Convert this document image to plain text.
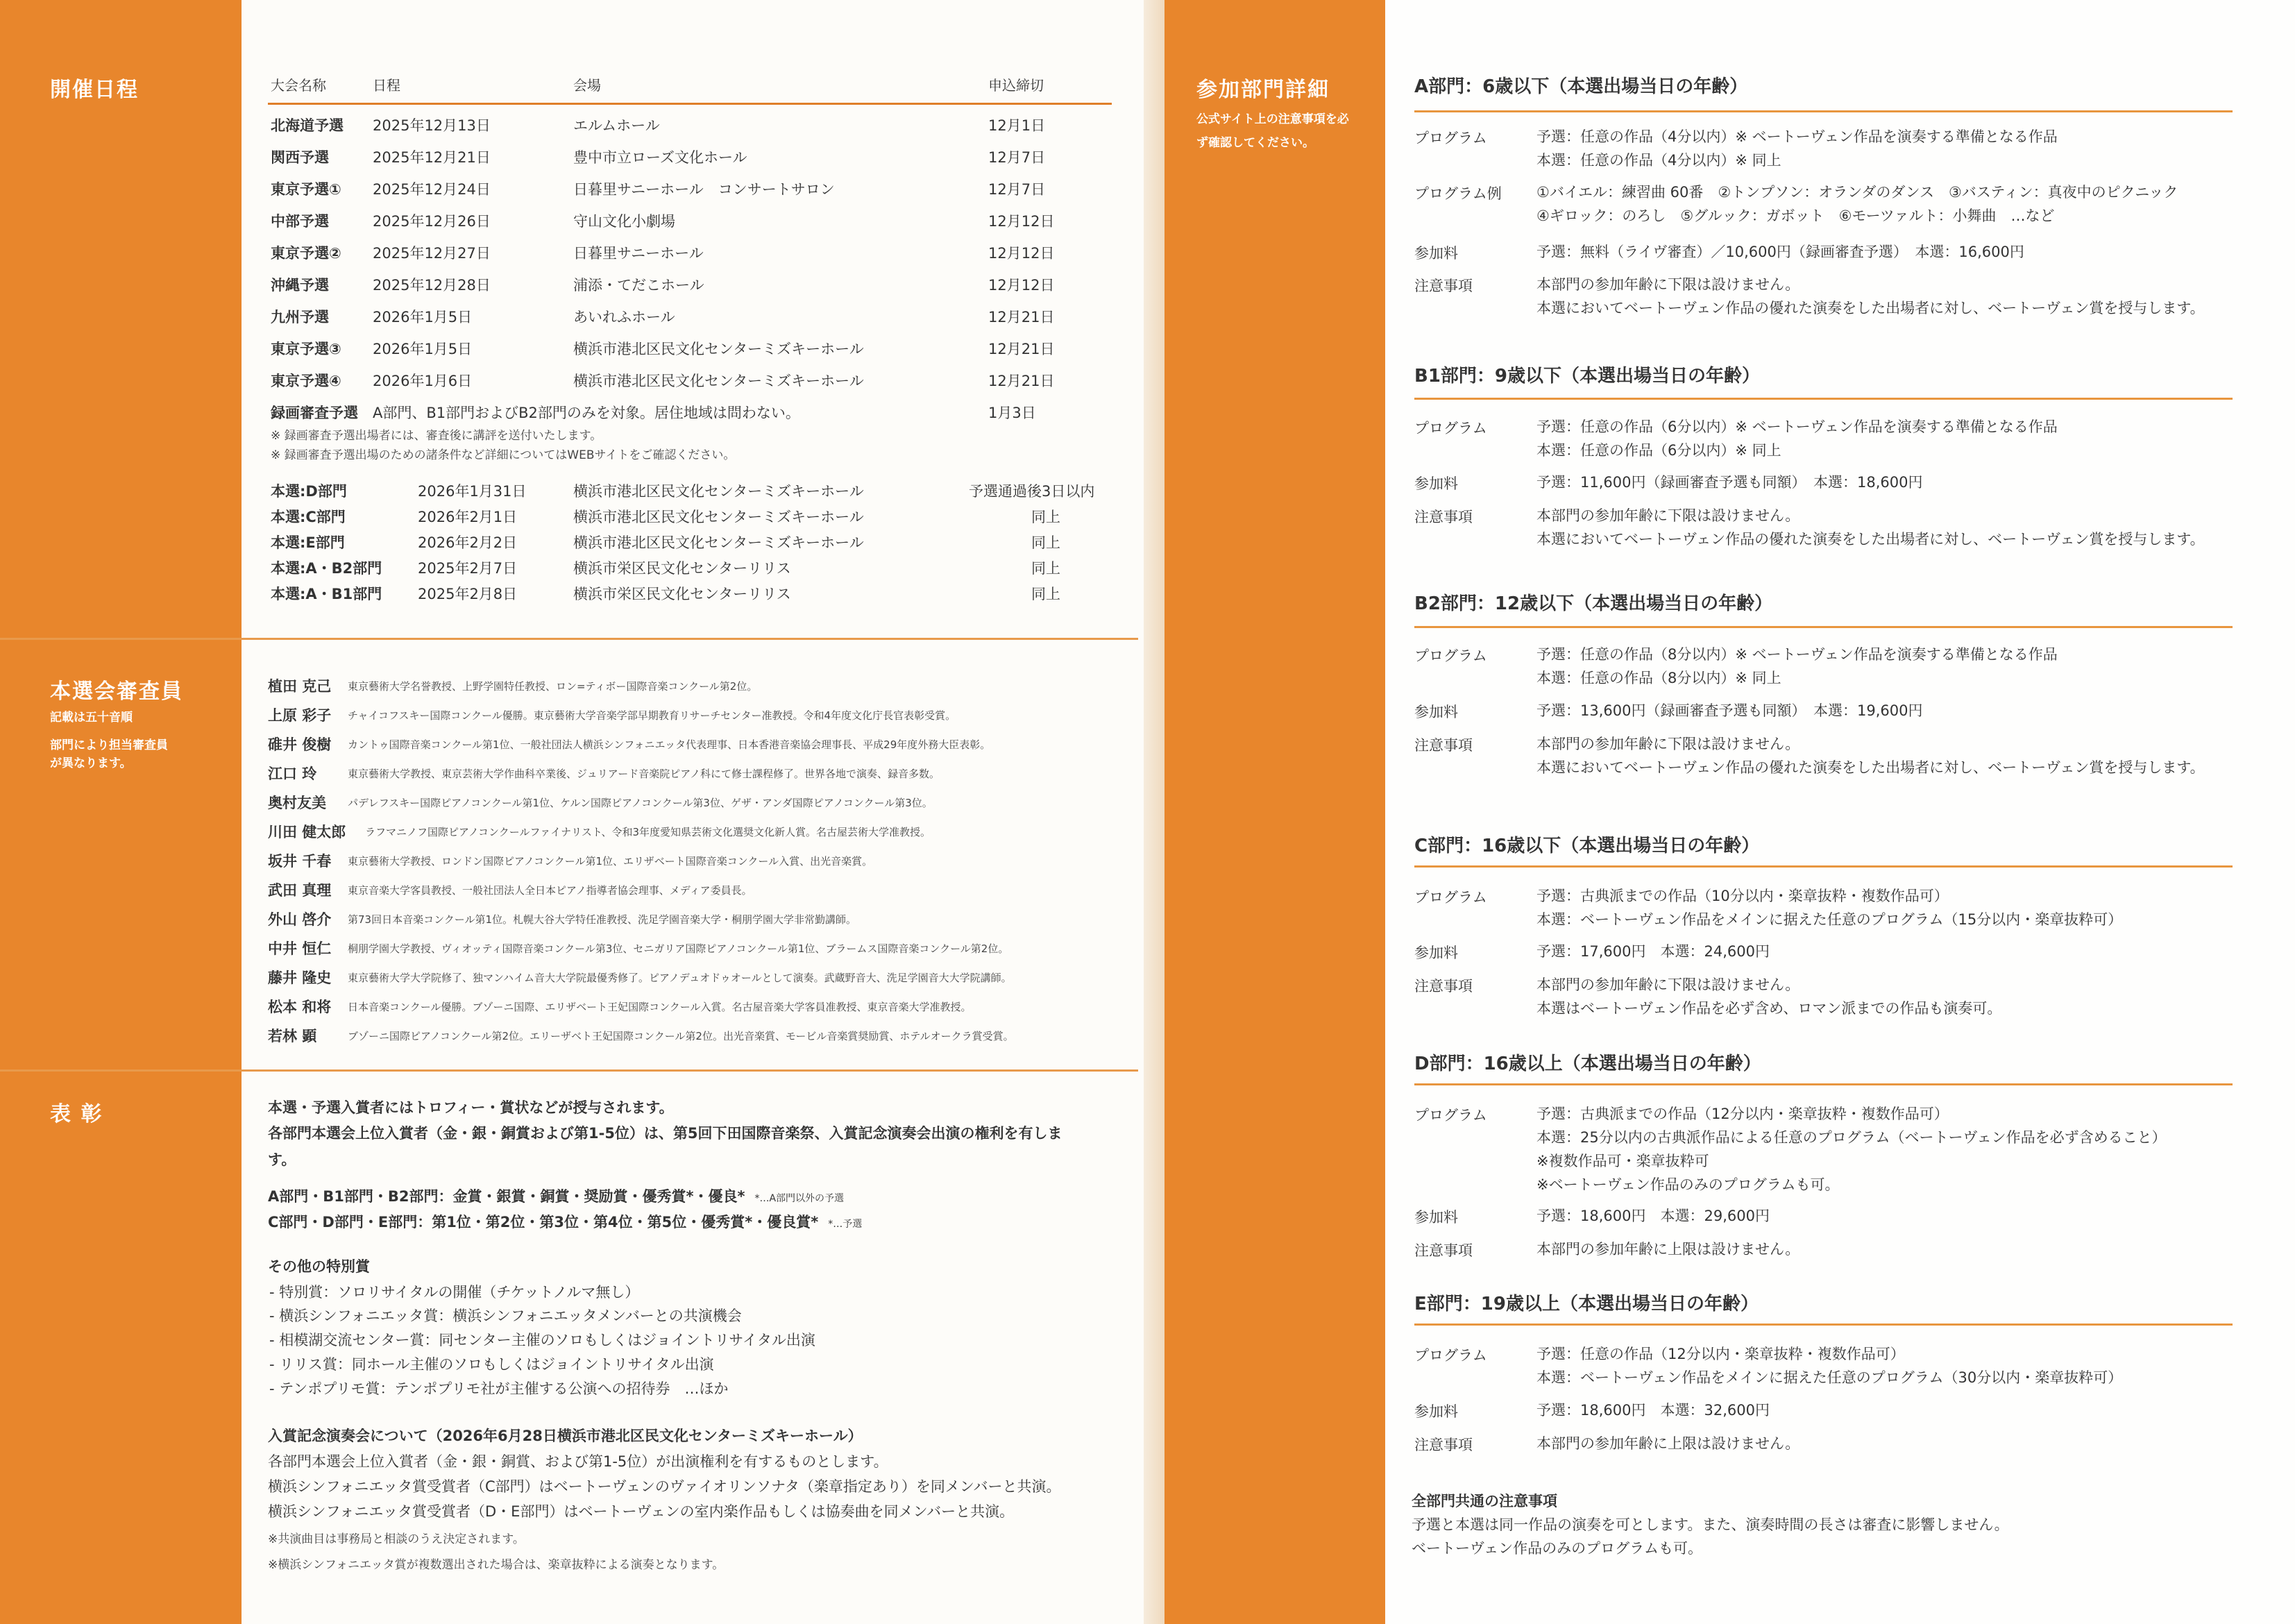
開催日程	大会名称	日程	会場	申込締切
北海道予選 2025年12月13日	エルムホール	12月1日
関西予選	2025年12月21日	豊中市立ローズ文化ホール	12月7日
東京予選① 2025年12月24日	日暮里サニーホール　コンサートサロン	12月7日
中部予選	2025年12月26日	守山文化小劇場	12月12日
東京予選② 2025年12月27日	日暮里サニーホール	12月12日
沖縄予選	2025年12月28日	浦添・てだこホール	12月12日
九州予選	2026年1月5日	あいれふホール	12月21日
東京予選③ 2026年1月5日	横浜市港北区民文化センターミズキーホール	12月21日
東京予選④ 2026年1月6日	横浜市港北区民文化センターミズキーホール	12月21日
録画審査予選 A部門、B1部門およびB2部門のみを対象。居住地域は問わない。	1月3日
※ 録画審査予選出場者には、審査後に講評を送付いたします。
※ 録画審査予選出場のための諸条件など詳細についてはWEBサイトをご確認ください。
本選:D部門	2026年1月31日	横浜市港北区民文化センターミズキーホール	予選通過後3日以内
本選:C部門	2026年2月1日	横浜市港北区民文化センターミズキーホール	同上
本選:E部門	2026年2月2日	横浜市港北区民文化センターミズキーホール	同上
本選:A・B2部門 2025年2月7日	横浜市栄区民文化センターリリス	同上
本選:A・B1部門 2025年2月8日	横浜市栄区民文化センターリリス	同上
本選会審査員
記載は五十音順
部門により担当審査員
が異なります。
植田 克己 東京藝術大学名誉教授、上野学園特任教授、ロン=ティボー国際音楽コンクール第2位。
上原 彩子 チャイコフスキー国際コンクール優勝。東京藝術大学音楽学部早期教育リサーチセンター准教授。令和4年度文化庁長官表彰受賞。
碓井 俊樹 カントゥ国際音楽コンクール第1位、一般社団法人横浜シンフォニエッタ代表理事、日本香港音楽協会理事長、平成29年度外務大臣表彰。
江口 玲	東京藝術大学教授、東京芸術大学作曲科卒業後、ジュリアード音楽院ピアノ科にて修士課程修了。世界各地で演奏、録音多数。
奥村友美 パデレフスキー国際ピアノコンクール第1位、ケルン国際ピアノコンクール第3位、ゲザ・アンダ国際ピアノコンクール第3位。
川田 健太郎 ラフマニノフ国際ピアノコンクールファイナリスト、令和3年度愛知県芸術文化選奨文化新人賞。名古屋芸術大学准教授。
坂井 千春 東京藝術大学教授、ロンドン国際ピアノコンクール第1位、エリザベート国際音楽コンクール入賞、出光音楽賞。
武田 真理 東京音楽大学客員教授、一般社団法人全日本ピアノ指導者協会理事、メディア委員長。
外山 啓介 第73回日本音楽コンクール第1位。札幌大谷大学特任准教授、洗足学園音楽大学・桐朋学園大学非常勤講師。
中井 恒仁 桐朋学園大学教授、ヴィオッティ国際音楽コンクール第3位、セニガリア国際ピアノコンクール第1位、ブラームス国際音楽コンクール第2位。
藤井 隆史 東京藝術大学大学院修了、独マンハイム音大大学院最優秀修了。ピアノデュオドゥオールとして演奏。武蔵野音大、洗足学園音大大学院講師。
松本 和将 日本音楽コンクール優勝。ブゾーニ国際、エリザベート王妃国際コンクール入賞。名古屋音楽大学客員准教授、東京音楽大学准教授。
若林 顕	ブゾーニ国際ピアノコンクール第2位。エリーザベト王妃国際コンクール第2位。出光音楽賞、モービル音楽賞奨励賞、ホテルオークラ賞受賞。
表 彰	本選・予選入賞者にはトロフィー・賞状などが授与されます。
各部門本選会上位入賞者（金・銀・銅賞および第1-5位）は、第5回下田国際音楽祭、入賞記念演奏会出演の権利を有しま
す。
A部門・B1部門・B2部門：金賞・銀賞・銅賞・奨励賞・優秀賞*・優良* *…A部門以外の予選
C部門・D部門・E部門：第1位・第2位・第3位・第4位・第5位・優秀賞*・優良賞* *…予選
その他の特別賞
- 特別賞：ソロリサイタルの開催（チケットノルマ無し）
- 横浜シンフォニエッタ賞：横浜シンフォニエッタメンバーとの共演機会
- 相模湖交流センター賞：同センター主催のソロもしくはジョイントリサイタル出演
- リリス賞：同ホール主催のソロもしくはジョイントリサイタル出演
- テンポプリモ賞：テンポプリモ社が主催する公演への招待券　…ほか
入賞記念演奏会について（2026年6月28日横浜市港北区民文化センターミズキーホール）
各部門本選会上位入賞者（金・銀・銅賞、および第1-5位）が出演権利を有するものとします。
横浜シンフォニエッタ賞受賞者（C部門）はベートーヴェンのヴァイオリンソナタ（楽章指定あり）を同メンバーと共演。
横浜シンフォニエッタ賞受賞者（D・E部門）はベートーヴェンの室内楽作品もしくは協奏曲を同メンバーと共演。
※共演曲目は事務局と相談のうえ決定されます。
※横浜シンフォニエッタ賞が複数選出された場合は、楽章抜粋による演奏となります。
参加部門詳細
公式サイト上の注意事項を必
ず確認してください。
A部門：6歳以下（本選出場当日の年齢）
プログラム	予選：任意の作品（4分以内）※ ベートーヴェン作品を演奏する準備となる作品
本選：任意の作品（4分以内）※ 同上
プログラム例 ①バイエル：練習曲 60番　②トンプソン：オランダのダンス　③バスティン：真夜中のピクニック
④ギロック：のろし　⑤グルック：ガボット　⑥モーツァルト：小舞曲　…など
参加料	予選：無料（ライヴ審査）／10,600円（録画審査予選）　本選：16,600円
注意事項	本部門の参加年齢に下限は設けません。
本選においてベートーヴェン作品の優れた演奏をした出場者に対し、ベートーヴェン賞を授与します。
B1部門：9歳以下（本選出場当日の年齢）
プログラム	予選：任意の作品（6分以内）※ ベートーヴェン作品を演奏する準備となる作品
本選：任意の作品（6分以内）※ 同上
参加料	予選：11,600円（録画審査予選も同額）　本選：18,600円
注意事項	本部門の参加年齢に下限は設けません。
本選においてベートーヴェン作品の優れた演奏をした出場者に対し、ベートーヴェン賞を授与します。
B2部門：12歳以下（本選出場当日の年齢）
プログラム	予選：任意の作品（8分以内）※ ベートーヴェン作品を演奏する準備となる作品
本選：任意の作品（8分以内）※ 同上
参加料	予選：13,600円（録画審査予選も同額）　本選：19,600円
注意事項	本部門の参加年齢に下限は設けません。
本選においてベートーヴェン作品の優れた演奏をした出場者に対し、ベートーヴェン賞を授与します。
C部門：16歳以下（本選出場当日の年齢）
プログラム	予選：古典派までの作品（10分以内・楽章抜粋・複数作品可）
本選：ベートーヴェン作品をメインに据えた任意のプログラム（15分以内・楽章抜粋可）
参加料	予選：17,600円　本選：24,600円
注意事項	本部門の参加年齢に下限は設けません。
本選はベートーヴェン作品を必ず含め、ロマン派までの作品も演奏可。
D部門：16歳以上（本選出場当日の年齢）
プログラム	予選：古典派までの作品（12分以内・楽章抜粋・複数作品可）
本選：25分以内の古典派作品による任意のプログラム（ベートーヴェン作品を必ず含めること）
※複数作品可・楽章抜粋可
※ベートーヴェン作品のみのプログラムも可。
参加料	予選：18,600円　本選：29,600円
注意事項	本部門の参加年齢に上限は設けません。
E部門：19歳以上（本選出場当日の年齢）
プログラム	予選：任意の作品（12分以内・楽章抜粋・複数作品可）
本選：ベートーヴェン作品をメインに据えた任意のプログラム（30分以内・楽章抜粋可）
参加料	予選：18,600円　本選：32,600円
注意事項	本部門の参加年齢に上限は設けません。
全部門共通の注意事項
予選と本選は同一作品の演奏を可とします。また、演奏時間の長さは審査に影響しません。
ベートーヴェン作品のみのプログラムも可。
